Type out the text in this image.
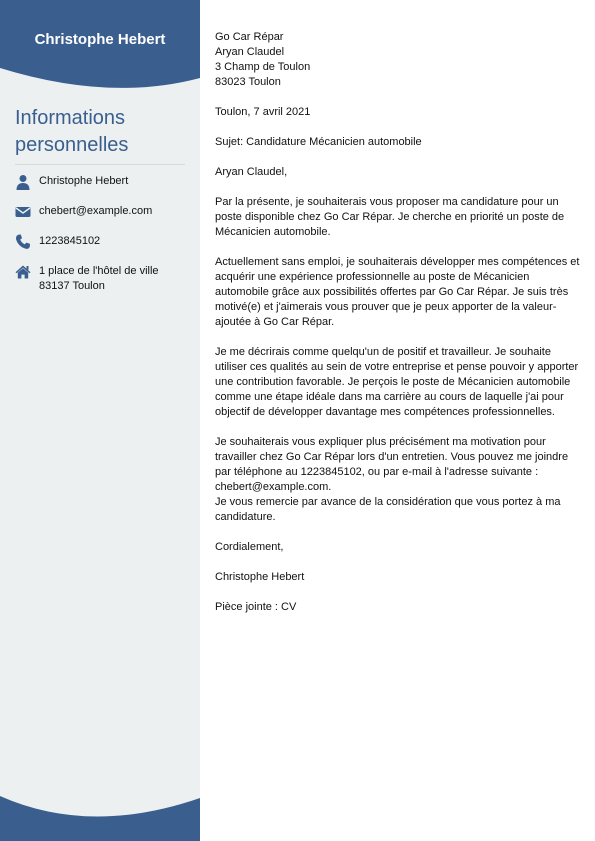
Christophe Hebert
Informations personnelles
Christophe Hebert
chebert@example.com
1223845102
1 place de l'hôtel de ville
83137 Toulon

Go Car Répar
Aryan Claudel
3 Champ de Toulon
83023 Toulon

Toulon, 7 avril 2021

Sujet: Candidature Mécanicien automobile

Aryan Claudel,

Par la présente, je souhaiterais vous proposer ma candidature pour un poste disponible chez Go Car Répar. Je cherche en priorité un poste de Mécanicien automobile.

Actuellement sans emploi, je souhaiterais développer mes compétences et acquérir une expérience professionnelle au poste de Mécanicien automobile grâce aux possibilités offertes par Go Car Répar. Je suis très motivé(e) et j'aimerais vous prouver que je peux apporter de la valeur-ajoutée à Go Car Répar.

Je me décrirais comme quelqu'un de positif et travailleur. Je souhaite utiliser ces qualités au sein de votre entreprise et pense pouvoir y apporter une contribution favorable. Je perçois le poste de Mécanicien automobile comme une étape idéale dans ma carrière au cours de laquelle j'ai pour objectif de développer davantage mes compétences professionnelles.

Je souhaiterais vous expliquer plus précisément ma motivation pour travailler chez Go Car Répar lors d'un entretien. Vous pouvez me joindre par téléphone au 1223845102, ou par e-mail à l'adresse suivante : chebert@example.com.

Je vous remercie par avance de la considération que vous portez à ma candidature.

Cordialement,

Christophe Hebert

Pièce jointe : CV
